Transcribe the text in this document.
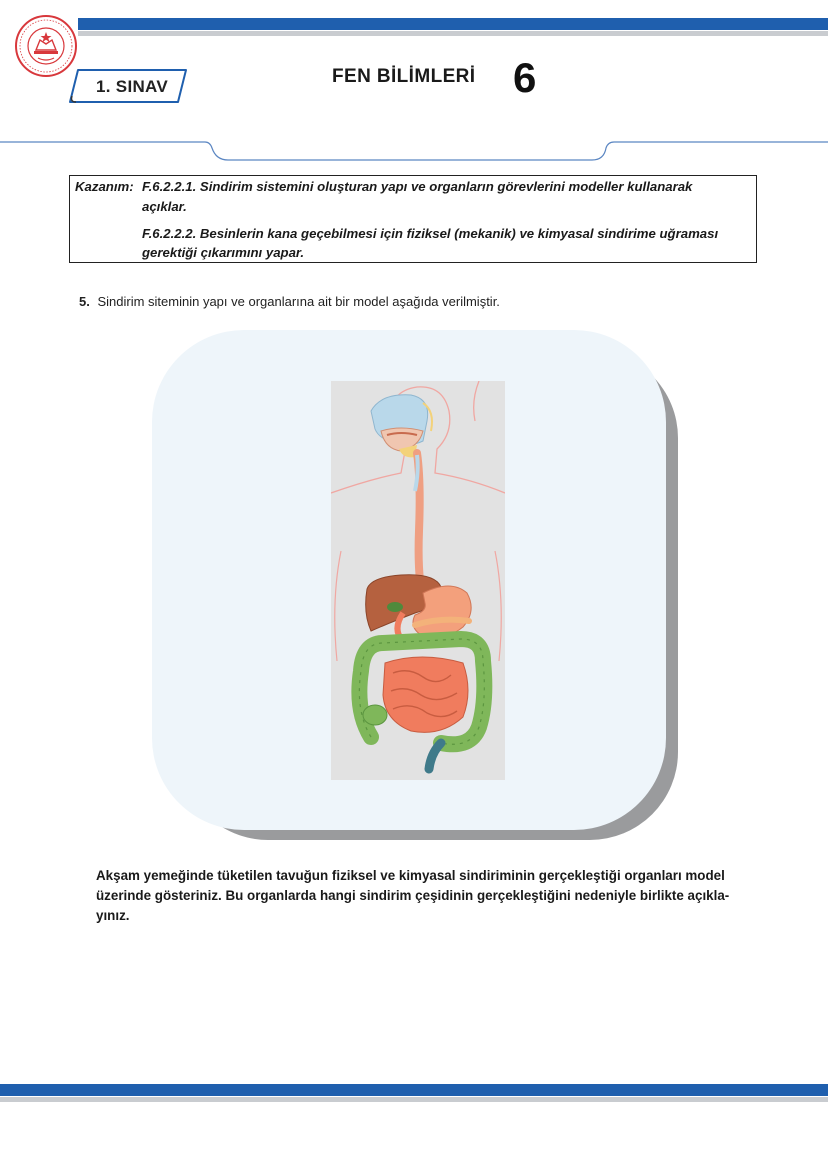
1. SINAV	FEN BİLİMLERİ 6
Kazanım: F.6.2.2.1. Sindirim sistemini oluşturan yapı ve organların görevlerini modeller kullanarak
açıklar.
F.6.2.2.2. Besinlerin kana geçebilmesi için fiziksel (mekanik) ve kimyasal sindirime uğraması
gerektiği çıkarımını yapar.
5. Sindirim siteminin yapı ve organlarına ait bir model aşağıda verilmiştir.
Akşam yemeğinde tüketilen tavuğun fiziksel ve kimyasal sindiriminin gerçekleştiği organları model
üzerinde gösteriniz. Bu organlarda hangi sindirim çeşidinin gerçekleştiğini nedeniyle birlikte açıkla-
yınız.
